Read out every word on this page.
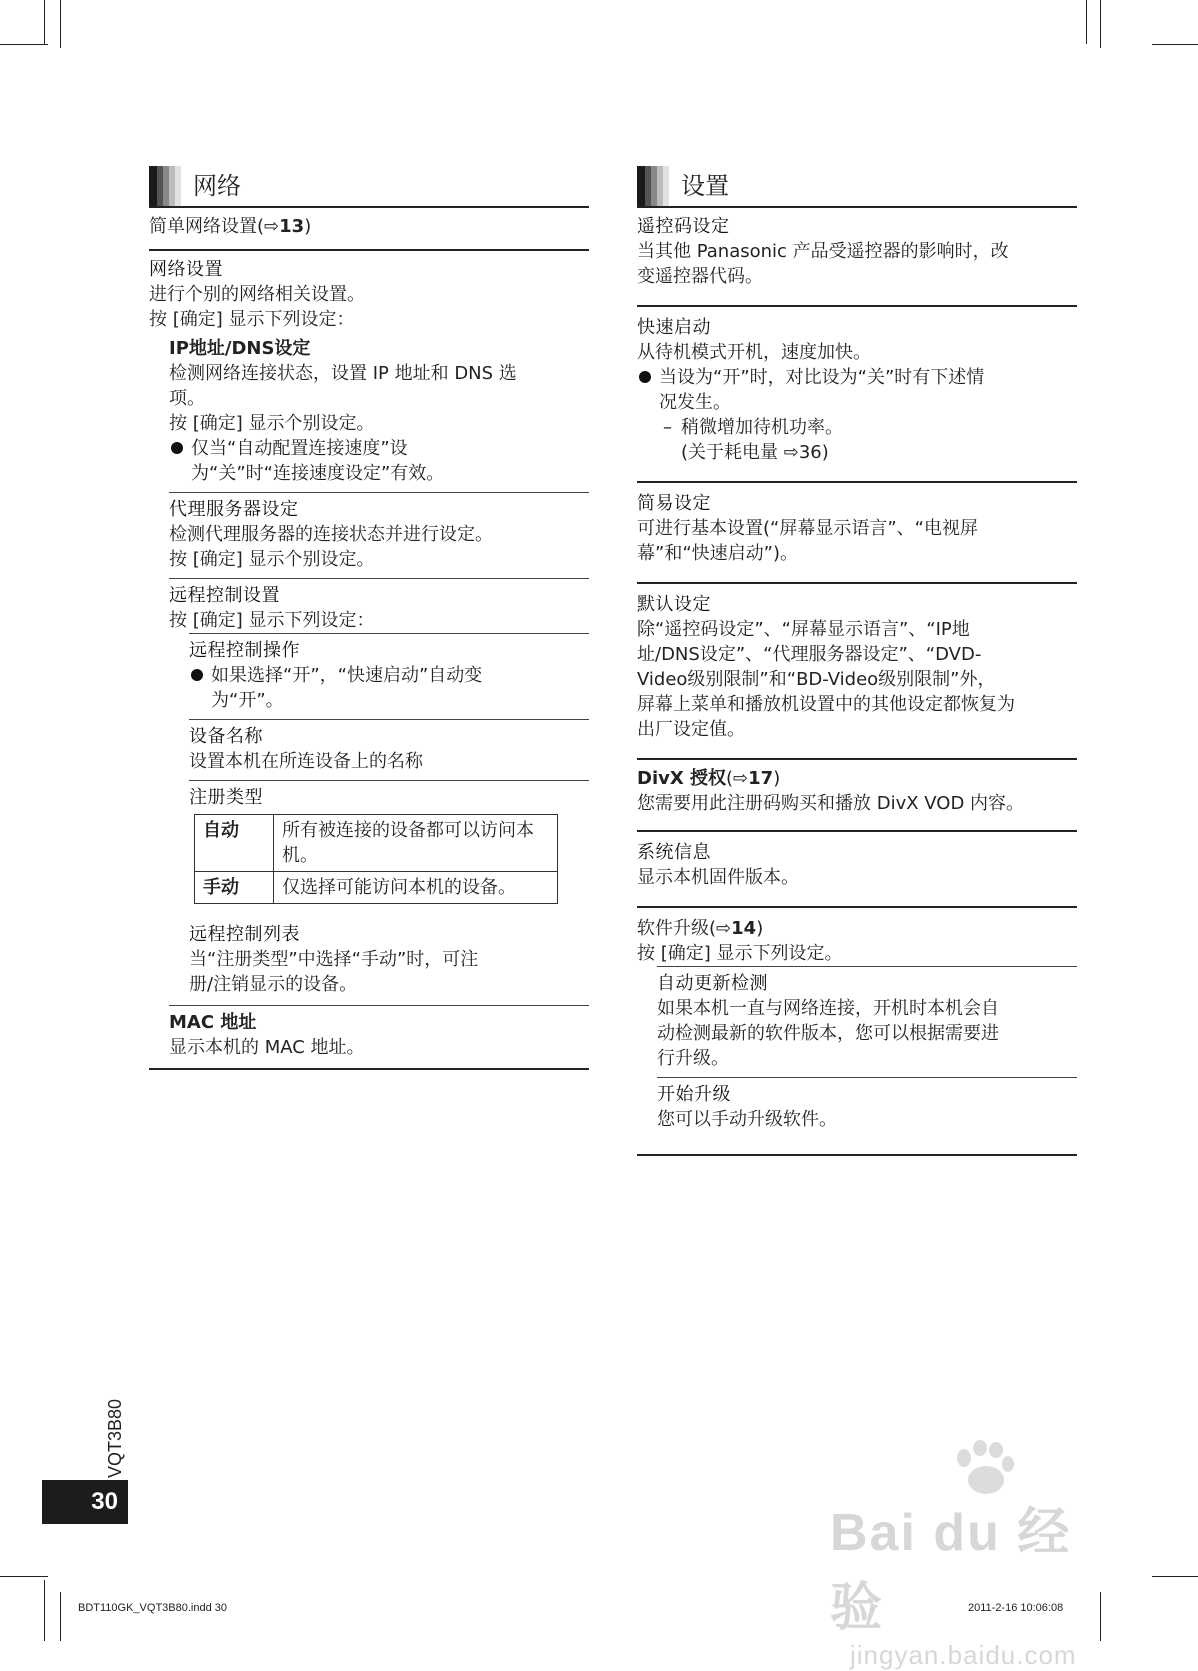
网络
简单网络设置(⇨13)
网络设置
进行个别的网络相关设置。
按 [确定] 显示下列设定：
IP地址/DNS设定
检测网络连接状态，设置 IP 地址和 DNS 选
项。
按 [确定] 显示个别设定。
仅当“自动配置连接速度”设
为“关”时“连接速度设定”有效。
代理服务器设定
检测代理服务器的连接状态并进行设定。
按 [确定] 显示个别设定。
远程控制设置
按 [确定] 显示下列设定：
远程控制操作
如果选择“开”，“快速启动”自动变
为“开”。
设备名称
设置本机在所连设备上的名称
注册类型
自动	所有被连接的设备都可以访问本机。
手动	仅选择可能访问本机的设备。
远程控制列表
当“注册类型”中选择“手动”时，可注
册/注销显示的设备。
MAC 地址
显示本机的 MAC 地址。
设置
遥控码设定
当其他 Panasonic 产品受遥控器的影响时，改
变遥控器代码。
快速启动
从待机模式开机，速度加快。
当设为“开”时，对比设为“关”时有下述情
况发生。
– 稍微增加待机功率。
(关于耗电量 ⇨36)
简易设定
可进行基本设置(“屏幕显示语言”、“电视屏
幕”和“快速启动”)。
默认设定
除“遥控码设定”、“屏幕显示语言”、“IP地
址/DNS设定”、“代理服务器设定”、“DVD-
Video级别限制”和“BD-Video级别限制”外，
屏幕上菜单和播放机设置中的其他设定都恢复为
出厂设定值。
DivX 授权(⇨17)
您需要用此注册码购买和播放 DivX VOD 内容。
系统信息
显示本机固件版本。
软件升级(⇨14)
按 [确定] 显示下列设定。
自动更新检测
如果本机一直与网络连接，开机时本机会自
动检测最新的软件版本，您可以根据需要进
行升级。
开始升级
您可以手动升级软件。
VQT3B80
30
Bai du 经验
jingyan.baidu.com
BDT110GK_VQT3B80.indd 30	2011-2-16 10:06:08
